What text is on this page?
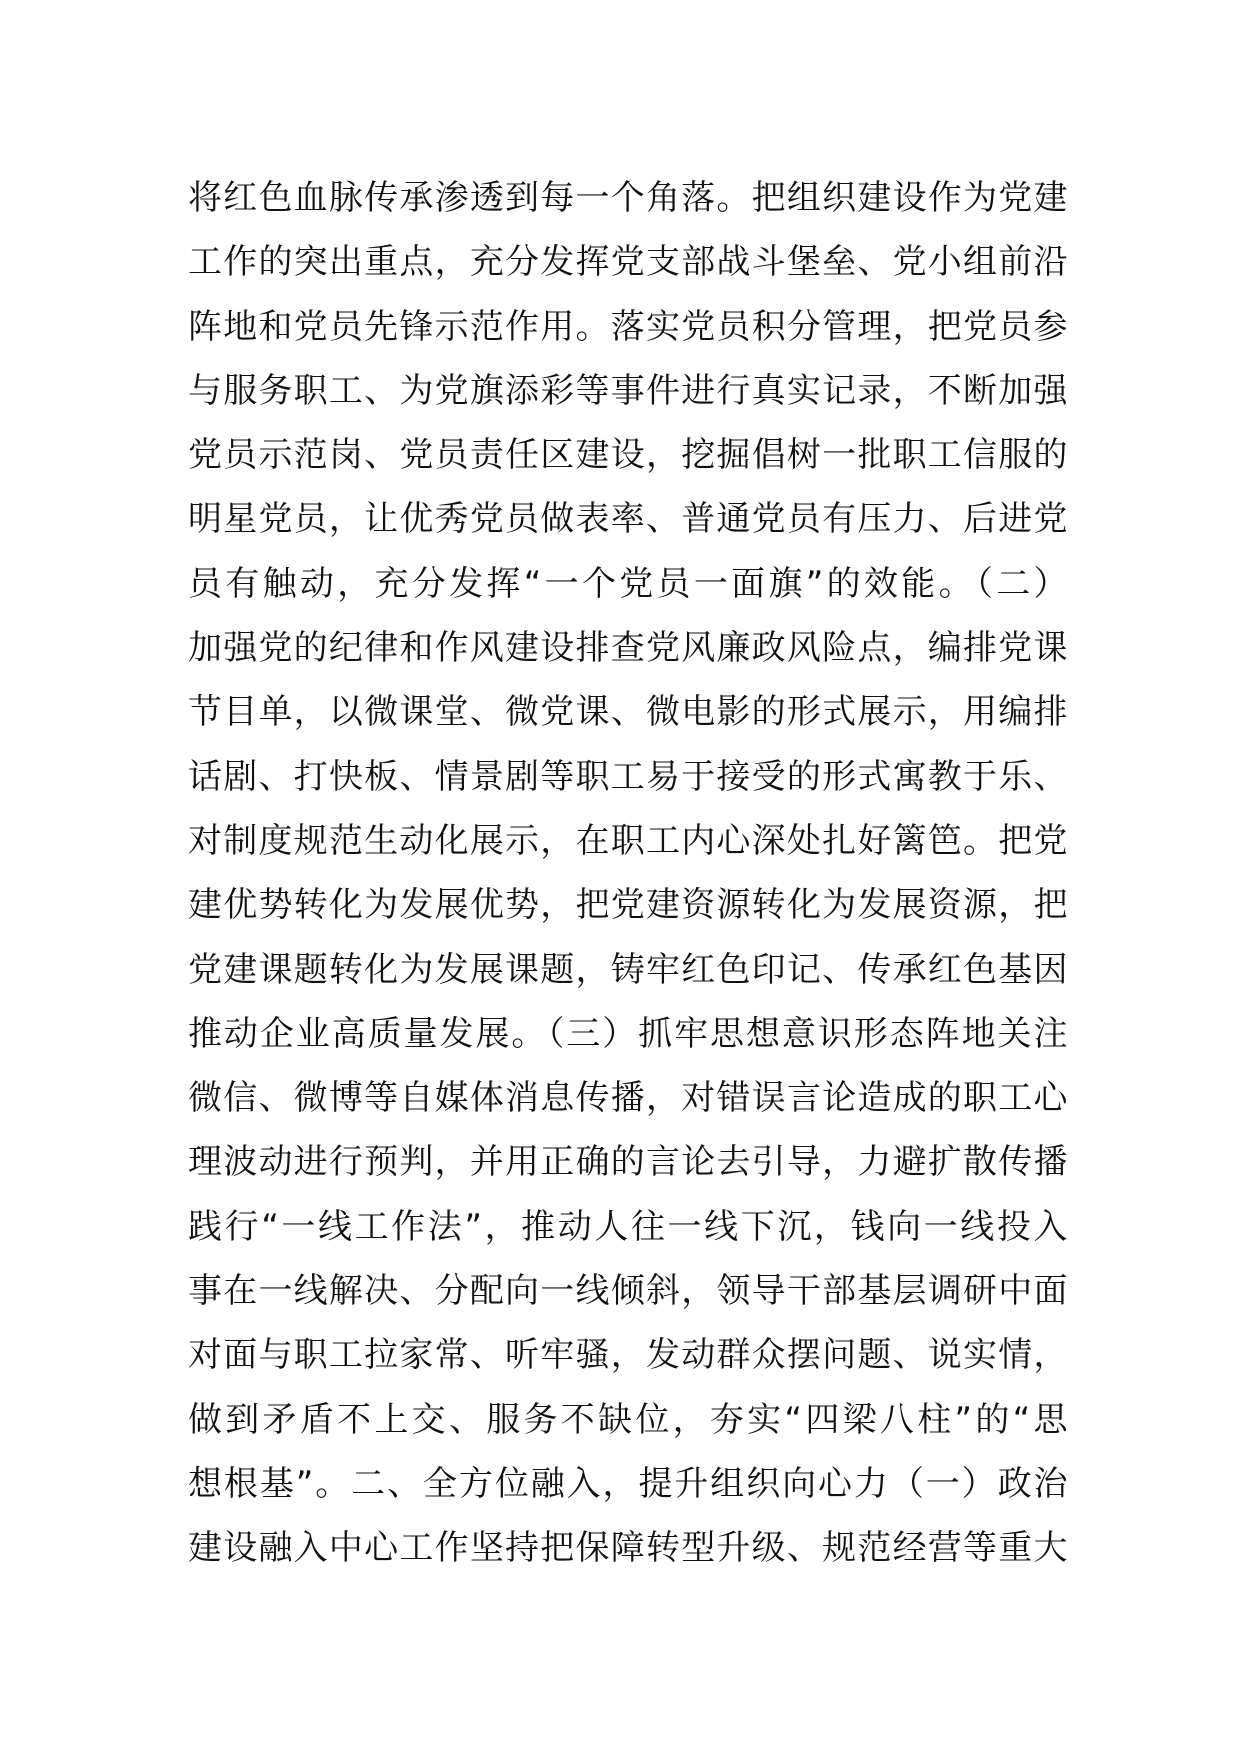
将红色血脉传承渗透到每一个角落。把组织建设作为党建
工作的突出重点，充分发挥党支部战斗堡垒、党小组前沿
阵地和党员先锋示范作用。落实党员积分管理，把党员参
与服务职工、为党旗添彩等事件进行真实记录，不断加强
党员示范岗、党员责任区建设，挖掘倡树一批职工信服的
明星党员，让优秀党员做表率、普通党员有压力、后进党
员有触动，充分发挥“一个党员一面旗”的效能。（二）
加强党的纪律和作风建设排查党风廉政风险点，编排党课
节目单，以微课堂、微党课、微电影的形式展示，用编排
话剧、打快板、情景剧等职工易于接受的形式寓教于乐、
对制度规范生动化展示，在职工内心深处扎好篱笆。把党
建优势转化为发展优势，把党建资源转化为发展资源，把
党建课题转化为发展课题，铸牢红色印记、传承红色基因
推动企业高质量发展。（三）抓牢思想意识形态阵地关注
微信、微博等自媒体消息传播，对错误言论造成的职工心
理波动进行预判，并用正确的言论去引导，力避扩散传播
践行“一线工作法”，推动人往一线下沉，钱向一线投入
事在一线解决、分配向一线倾斜，领导干部基层调研中面
对面与职工拉家常、听牢骚，发动群众摆问题、说实情，
做到矛盾不上交、服务不缺位，夯实“四梁八柱”的“思
想根基”。二、全方位融入，提升组织向心力（一）政治
建设融入中心工作坚持把保障转型升级、规范经营等重大
